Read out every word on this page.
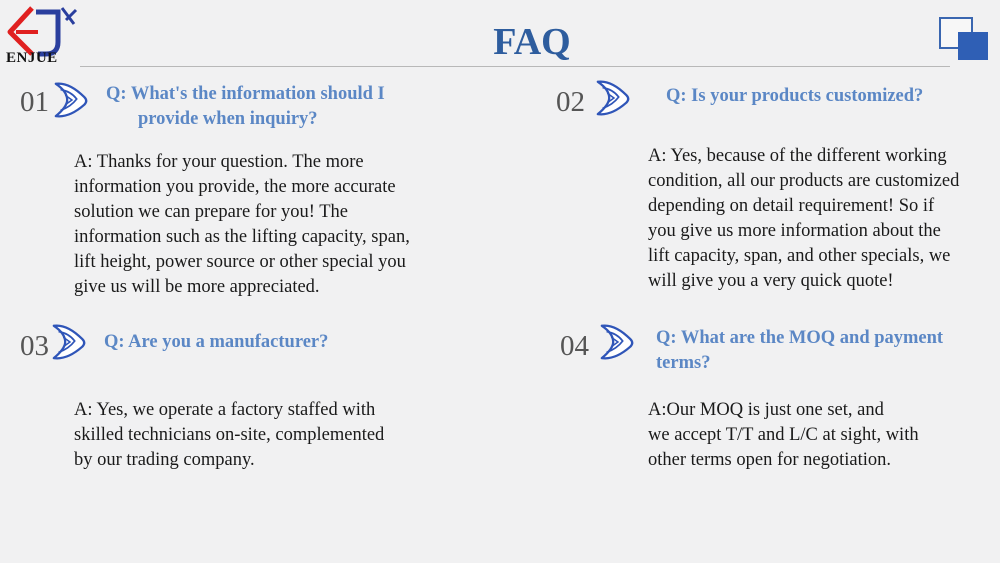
ENJUE	FAQ
01	Q: What's the information should I
provide when inquiry?
A: Thanks for your question. The more
information you provide, the more accurate
solution we can prepare for you! The
information such as the lifting capacity, span,
lift height, power source or other special you
give us will be more appreciated.
02	Q: Is your products customized?
A: Yes, because of the different working
condition, all our products are customized
depending on detail requirement! So if
you give us more information about the
lift capacity, span, and other specials, we
will give you a very quick quote!
03	Q: Are you a manufacturer?
A: Yes, we operate a factory staffed with
skilled technicians on-site, complemented
by our trading company.
04	Q: What are the MOQ and payment
terms?
A:Our MOQ is just one set, and
we accept T/T and L/C at sight, with
other terms open for negotiation.
